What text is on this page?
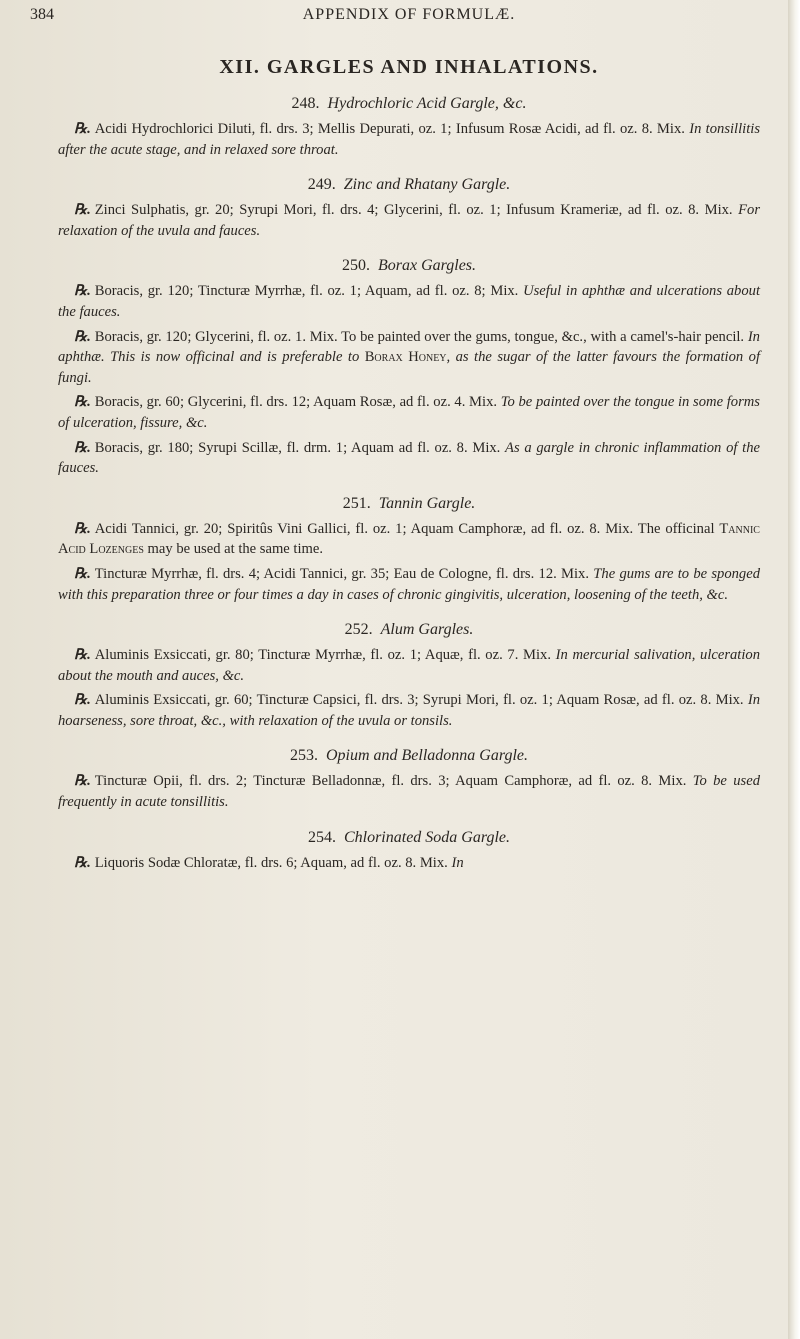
384	APPENDIX OF FORMULÆ.
XII. GARGLES AND INHALATIONS.
248. Hydrochloric Acid Gargle, &c.

℞. Acidi Hydrochlorici Diluti, fl. drs. 3; Mellis Depurati, oz. 1; Infusum Rosæ Acidi, ad fl. oz. 8. Mix. In tonsillitis after the acute stage, and in relaxed sore throat.

249. Zinc and Rhatany Gargle.

℞. Zinci Sulphatis, gr. 20; Syrupi Mori, fl. drs. 4; Glycerini, fl. oz. 1; Infusum Krameriæ, ad fl. oz. 8. Mix. For relaxation of the uvula and fauces.

250. Borax Gargles.

℞. Boracis, gr. 120; Tincturæ Myrrhæ, fl. oz. 1; Aquam, ad fl. oz. 8; Mix. Useful in aphthæ and ulcerations about the fauces.

℞. Boracis, gr. 120; Glycerini, fl. oz. 1. Mix. To be painted over the gums, tongue, &c., with a camel's-hair pencil. In aphthæ. This is now officinal and is preferable to Borax Honey, as the sugar of the latter favours the formation of fungi.

℞. Boracis, gr. 60; Glycerini, fl. drs. 12; Aquam Rosæ, ad fl. oz. 4. Mix. To be painted over the tongue in some forms of ulceration, fissure, &c.

℞. Boracis, gr. 180; Syrupi Scillæ, fl. drm. 1; Aquam ad fl. oz. 8. Mix. As a gargle in chronic inflammation of the fauces.

251. Tannin Gargle.

℞. Acidi Tannici, gr. 20; Spiritûs Vini Gallici, fl. oz. 1; Aquam Camphoræ, ad fl. oz. 8. Mix. The officinal Tannic Acid Lozenges may be used at the same time.

℞. Tincturæ Myrrhæ, fl. drs. 4; Acidi Tannici, gr. 35; Eau de Cologne, fl. drs. 12. Mix. The gums are to be sponged with this preparation three or four times a day in cases of chronic gingivitis, ulceration, loosening of the teeth, &c.

252. Alum Gargles.

℞. Aluminis Exsiccati, gr. 80; Tincturæ Myrrhæ, fl. oz. 1; Aquæ, fl. oz. 7. Mix. In mercurial salivation, ulceration about the mouth and auces, &c.

℞. Aluminis Exsiccati, gr. 60; Tincturæ Capsici, fl. drs. 3; Syrupi Mori, fl. oz. 1; Aquam Rosæ, ad fl. oz. 8. Mix. In hoarseness, sore throat, &c., with relaxation of the uvula or tonsils.

253. Opium and Belladonna Gargle.

℞. Tincturæ Opii, fl. drs. 2; Tincturæ Belladonnæ, fl. drs. 3; Aquam Camphoræ, ad fl. oz. 8. Mix. To be used frequently in acute tonsillitis.

254. Chlorinated Soda Gargle.

℞. Liquoris Sodæ Chloratæ, fl. drs. 6; Aquam, ad fl. oz. 8. Mix. In
